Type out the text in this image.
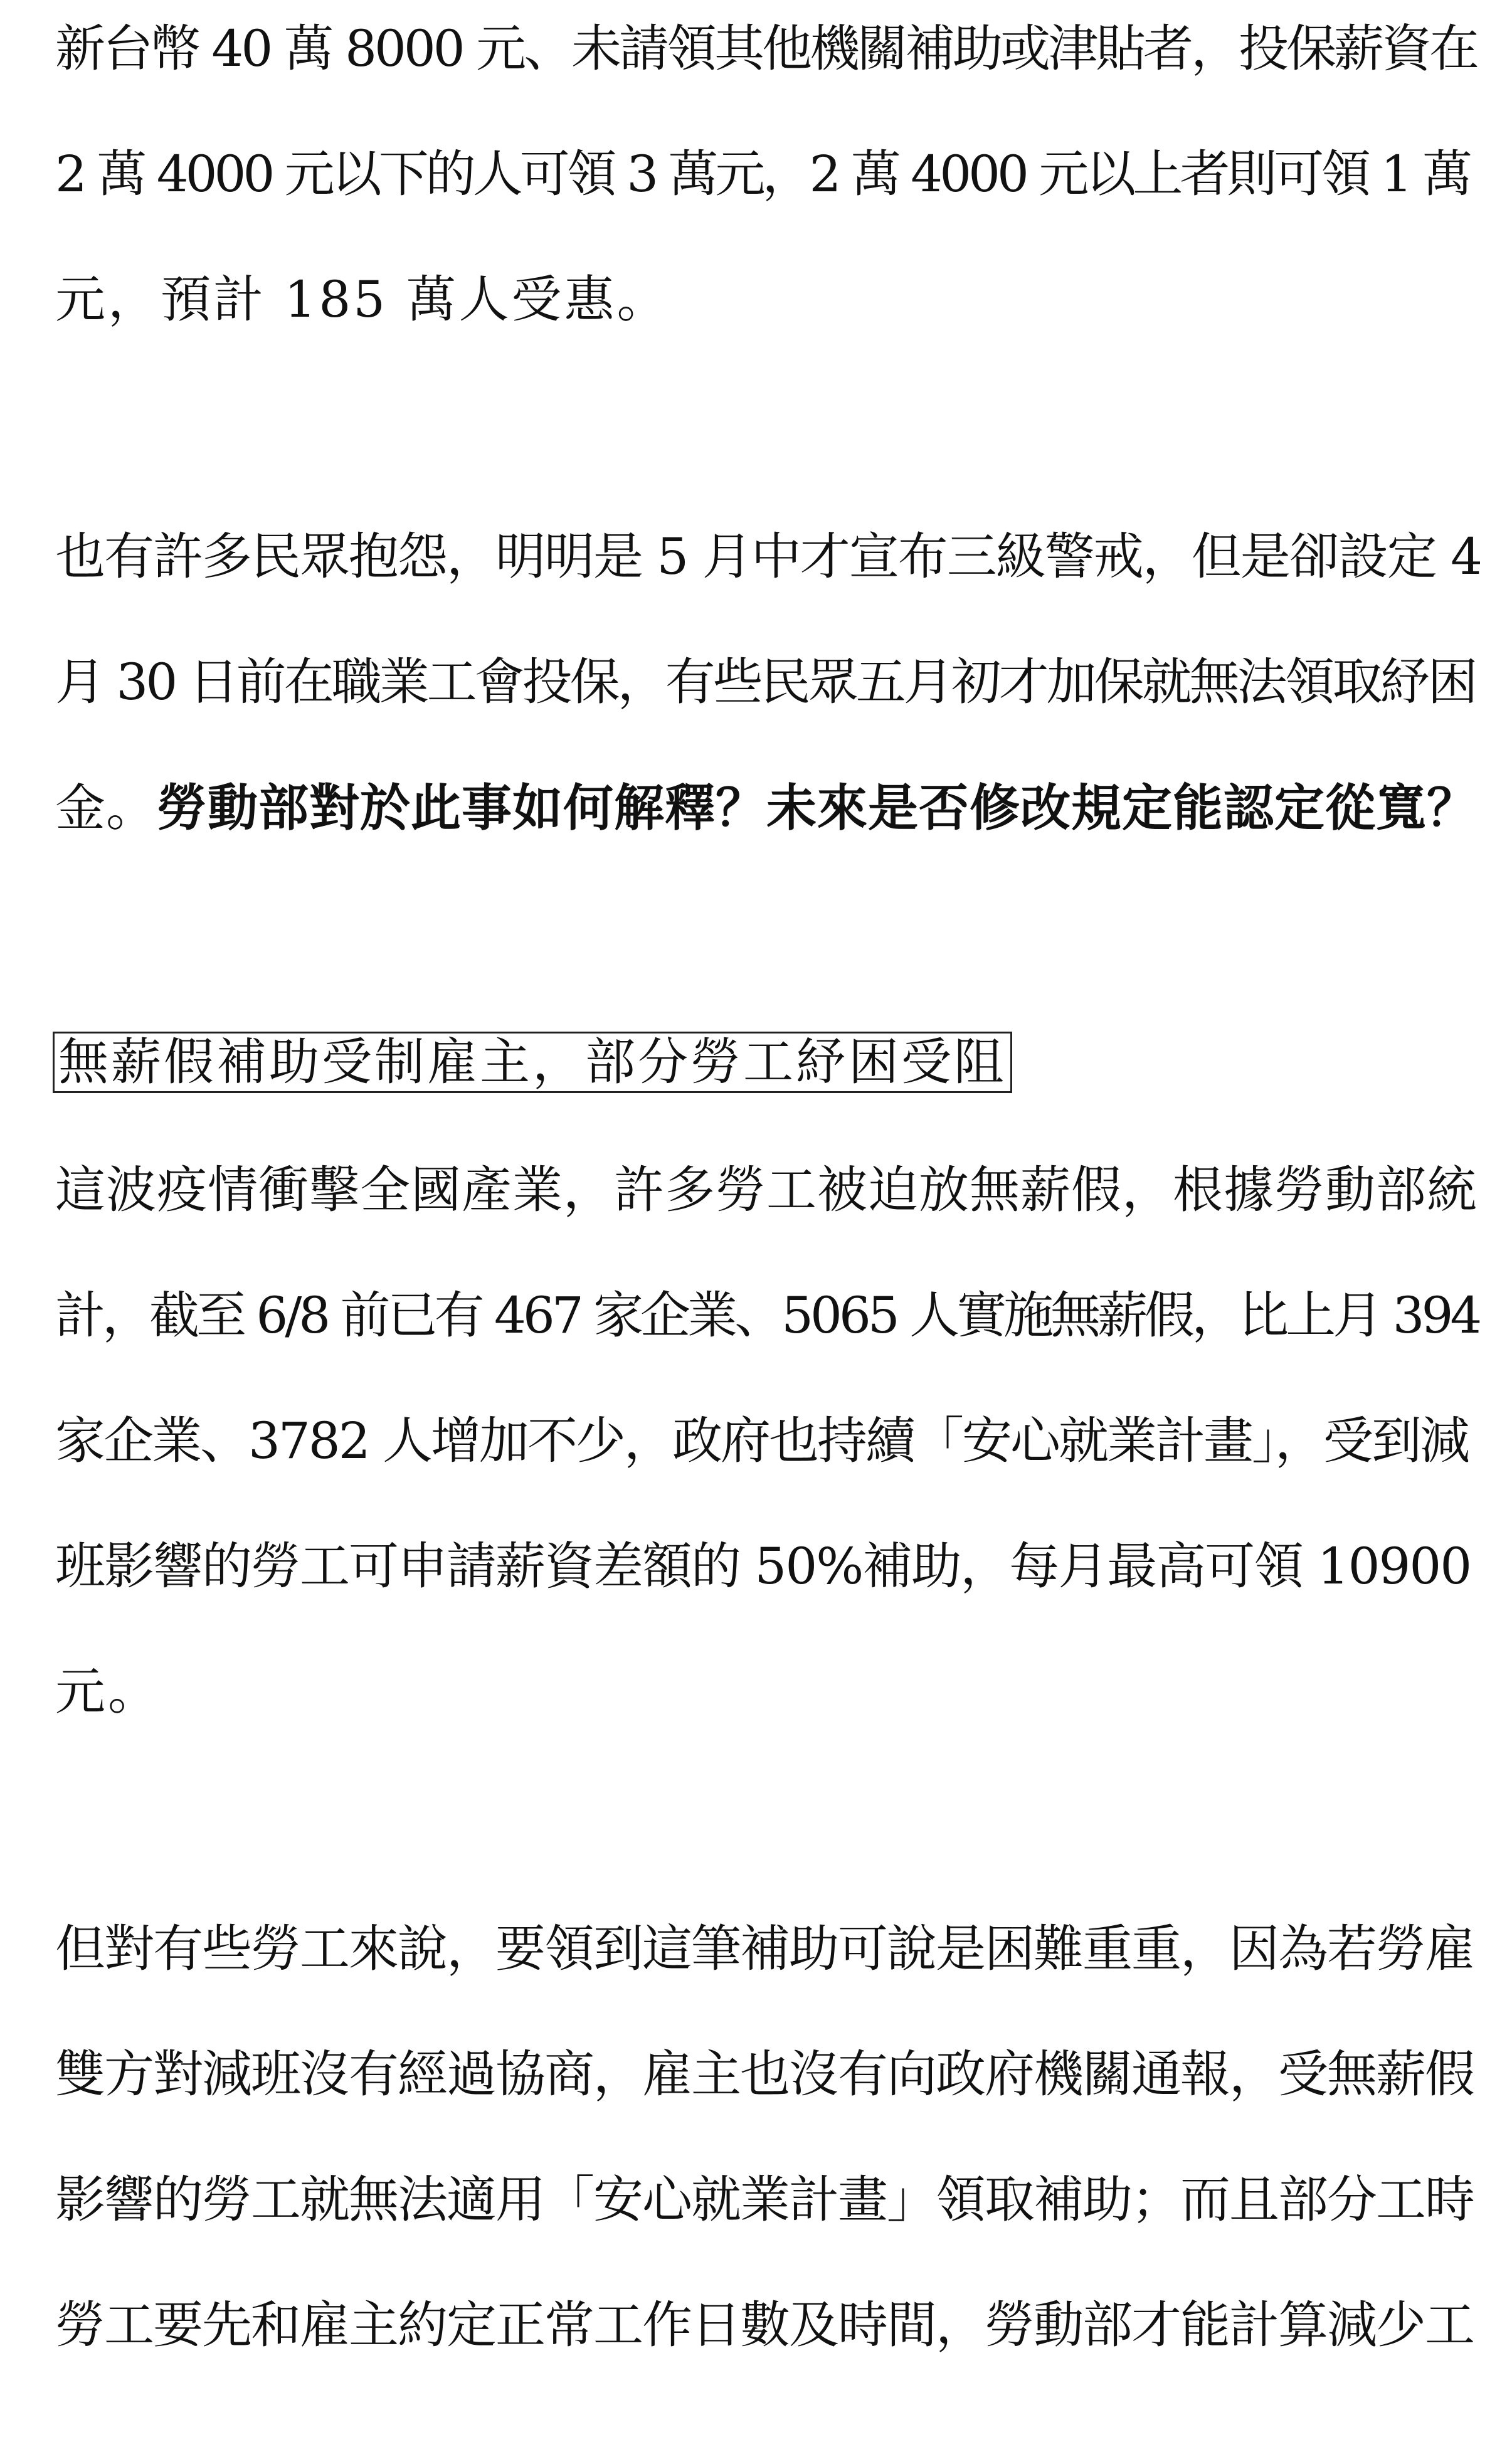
新台幣 40 萬 8000 元、未請領其他機關補助或津貼者，投保薪資在
2 萬 4000 元以下的人可領 3 萬元，2 萬 4000 元以上者則可領 1 萬
元，預計 185 萬人受惠。
也有許多民眾抱怨，明明是 5 月中才宣布三級警戒，但是卻設定 4
月 30 日前在職業工會投保，有些民眾五月初才加保就無法領取紓困
金。勞動部對於此事如何解釋？未來是否修改規定能認定從寬？
無薪假補助受制雇主，部分勞工紓困受阻
這波疫情衝擊全國產業，許多勞工被迫放無薪假，根據勞動部統
計，截至 6/8 前已有 467 家企業、5065 人實施無薪假，比上月 394
家企業、3782 人增加不少，政府也持續「安心就業計畫」，受到減
班影響的勞工可申請薪資差額的 50%補助，每月最高可領 10900
元。
但對有些勞工來說，要領到這筆補助可說是困難重重，因為若勞雇
雙方對減班沒有經過協商，雇主也沒有向政府機關通報，受無薪假
影響的勞工就無法適用「安心就業計畫」領取補助；而且部分工時
勞工要先和雇主約定正常工作日數及時間，勞動部才能計算減少工
